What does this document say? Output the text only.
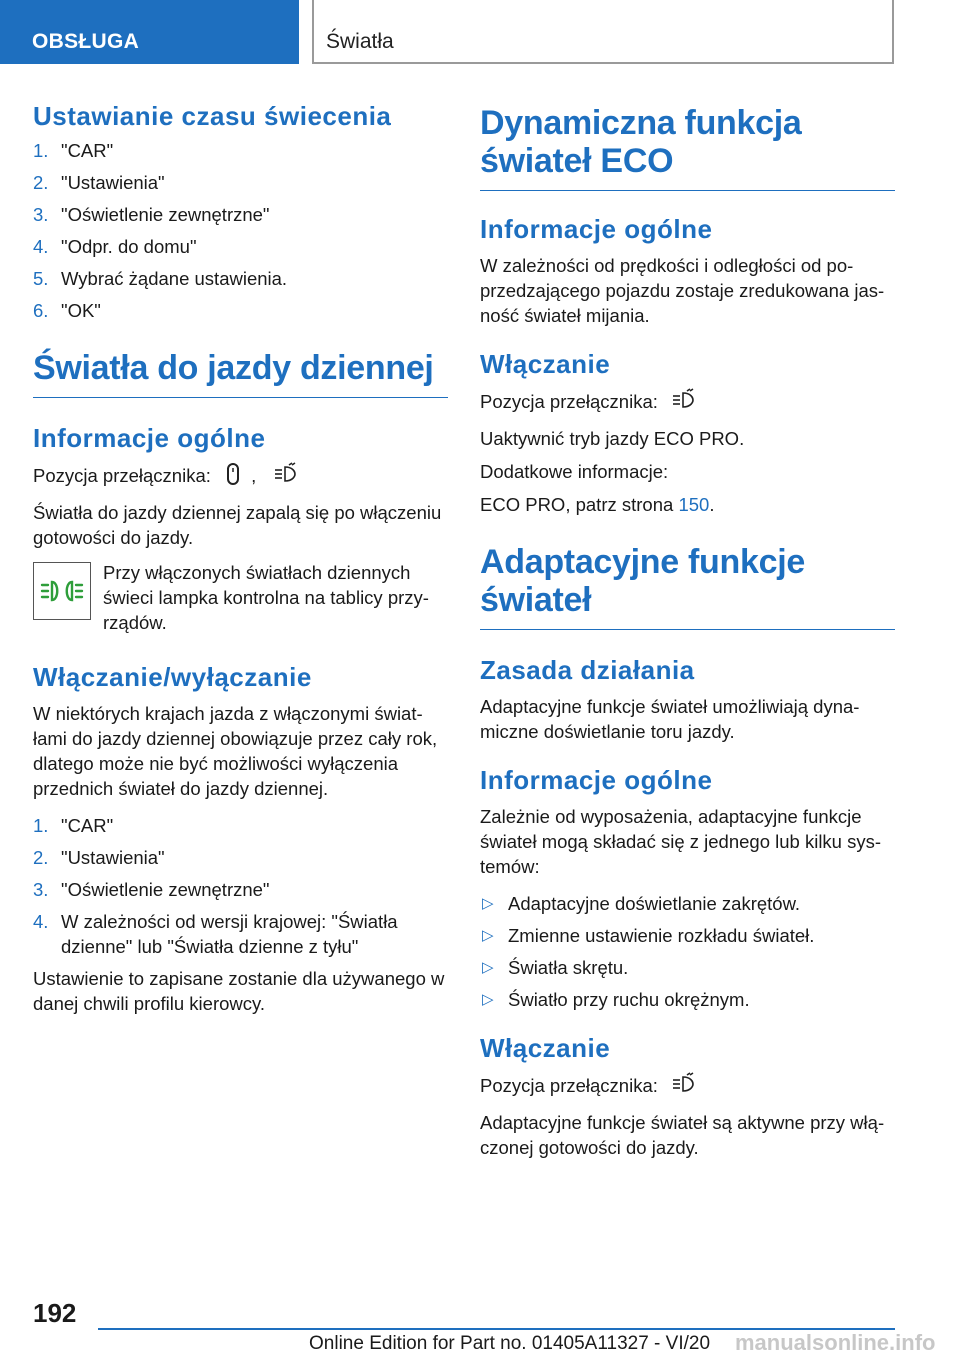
OBSŁUGA	Światła
Ustawianie czasu świecenia
1. "CAR"
2. "Ustawienia"
3. "Oświetlenie zewnętrzne"
4. "Odpr. do domu"
5. Wybrać żądane ustawienia.
6. "OK"
Światła do jazdy dziennej
Informacje ogólne

Pozycja przełącznika: ,

Światła do jazdy dziennej zapalą się po włączeniu gotowości do jazdy.

Przy włączonych światłach dziennych świeci lampka kontrolna na tablicy przyrządów.

Włączanie/wyłączanie

W niektórych krajach jazda z włączonymi światłami do jazdy dziennej obowiązuje przez cały rok, dlatego może nie być możliwości wyłączenia przednich świateł do jazdy dziennej.

1. "CAR"
2. "Ustawienia"
3. "Oświetlenie zewnętrzne"
4. W zależności od wersji krajowej: "Światła dzienne" lub "Światła dzienne z tyłu"

Ustawienie to zapisane zostanie dla używanego w danej chwili profilu kierowcy.

Dynamiczna funkcja świateł ECO
Informacje ogólne

W zależności od prędkości i odległości od poprzedzającego pojazdu zostaje zredukowana jasność świateł mijania.

Włączanie

Pozycja przełącznika:

Uaktywnić tryb jazdy ECO PRO.

Dodatkowe informacje:

ECO PRO, patrz strona 150.

Adaptacyjne funkcje świateł
Zasada działania

Adaptacyjne funkcje świateł umożliwiają dynamiczne doświetlanie toru jazdy.

Informacje ogólne

Zależnie od wyposażenia, adaptacyjne funkcje świateł mogą składać się z jednego lub kilku systemów:

▷ Adaptacyjne doświetlanie zakrętów.
▷ Zmienne ustawienie rozkładu świateł.
▷ Światła skrętu.
▷ Światło przy ruchu okrężnym.
Włączanie

Pozycja przełącznika:

Adaptacyjne funkcje świateł są aktywne przy włączonej gotowości do jazdy.

192
Online Edition for Part no. 01405A11327 - VI/20 manualsonline.info
